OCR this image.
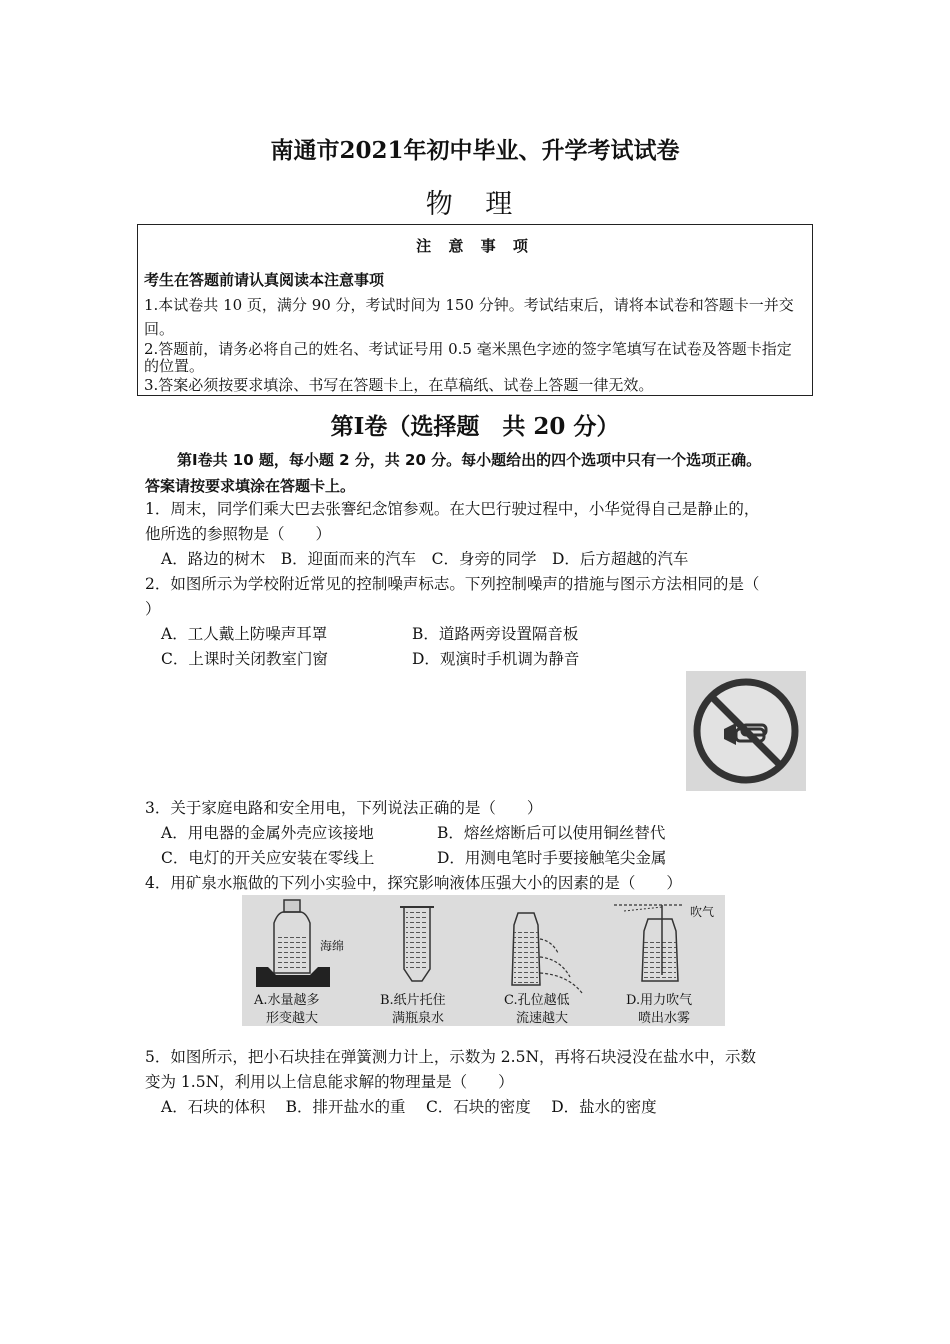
南通市2021年初中毕业、升学考试试卷
物 理
注 意 事 项
考生在答题前请认真阅读本注意事项
1.本试卷共 10 页，满分 90 分，考试时间为 150 分钟。考试结束后，请将本试卷和答题卡一并交回。
2.答题前，请务必将自己的姓名、考试证号用 0.5 毫米黑色字迹的签字笔填写在试卷及答题卡指定的位置。
3.答案必须按要求填涂、书写在答题卡上，在草稿纸、试卷上答题一律无效。
第Ⅰ卷（选择题　共 20 分）
第Ⅰ卷共 10 题，每小题 2 分，共 20 分。每小题给出的四个选项中只有一个选项正确。
答案请按要求填涂在答题卡上。
1．周末，同学们乘大巴去张謇纪念馆参观。在大巴行驶过程中，小华觉得自己是静止的，
他所选的参照物是（　　）
A．路边的树木　B．迎面而来的汽车　C．身旁的同学　D．后方超越的汽车
2．如图所示为学校附近常见的控制噪声标志。下列控制噪声的措施与图示方法相同的是（
）
A．工人戴上防噪声耳罩	B．道路两旁设置隔音板
C．上课时关闭教室门窗	D．观演时手机调为静音
3．关于家庭电路和安全用电，下列说法正确的是（　　）
A．用电器的金属外壳应该接地	B．熔丝熔断后可以使用铜丝替代
C．电灯的开关应安装在零线上	D．用测电笔时手要接触笔尖金属
4．用矿泉水瓶做的下列小实验中，探究影响液体压强大小的因素的是（　　）
海绵
吹气
A.水量越多
形变越大
B.纸片托住
满瓶泉水
C.孔位越低
流速越大
D.用力吹气
喷出水雾
5．如图所示，把小石块挂在弹簧测力计上，示数为 2.5N，再将石块浸没在盐水中，示数
变为 1.5N，利用以上信息能求解的物理量是（　　）
A．石块的体积　 B．排开盐水的重　 C．石块的密度　 D．盐水的密度
